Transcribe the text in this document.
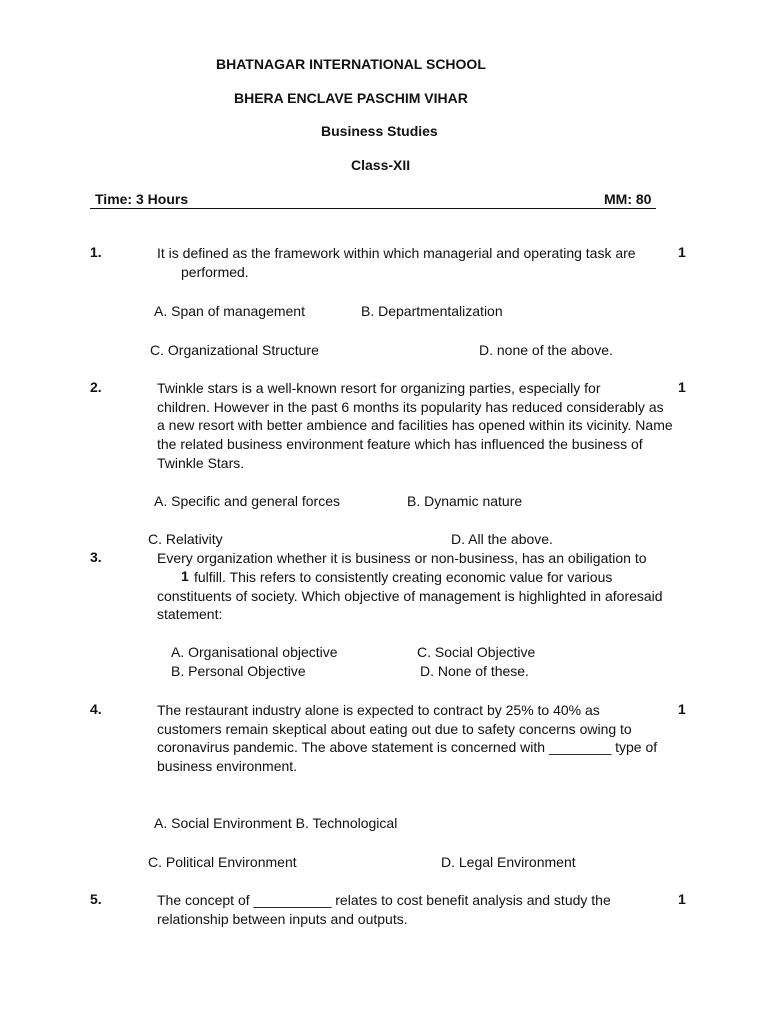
BHATNAGAR INTERNATIONAL SCHOOL
BHERA ENCLAVE PASCHIM VIHAR
Business Studies
Class-XII
Time: 3 Hours	MM: 80
1.	It is defined as the framework within which managerial and operating task are	1
performed.
A. Span of management	B. Departmentalization
C. Organizational Structure	D. none of the above.
2.	Twinkle stars is a well-known resort for organizing parties, especially for	1
children. However in the past 6 months its popularity has reduced considerably as
a new resort with better ambience and facilities has opened within its vicinity. Name
the related business environment feature which has influenced the business of
Twinkle Stars.
A. Specific and general forces	B. Dynamic nature
C. Relativity	D. All the above.
3.	Every organization whether it is business or non-business, has an obiligation to
1 fulfill. This refers to consistently creating economic value for various
constituents of society. Which objective of management is highlighted in aforesaid
statement:
A. Organisational objective	C. Social Objective
B. Personal Objective	D. None of these.
4.	The restaurant industry alone is expected to contract by 25% to 40% as	1
customers remain skeptical about eating out due to safety concerns owing to
coronavirus pandemic. The above statement is concerned with ________ type of
business environment.
A. Social Environment B. Technological
C. Political Environment	D. Legal Environment
5.	The concept of __________ relates to cost benefit analysis and study the	1
relationship between inputs and outputs.
